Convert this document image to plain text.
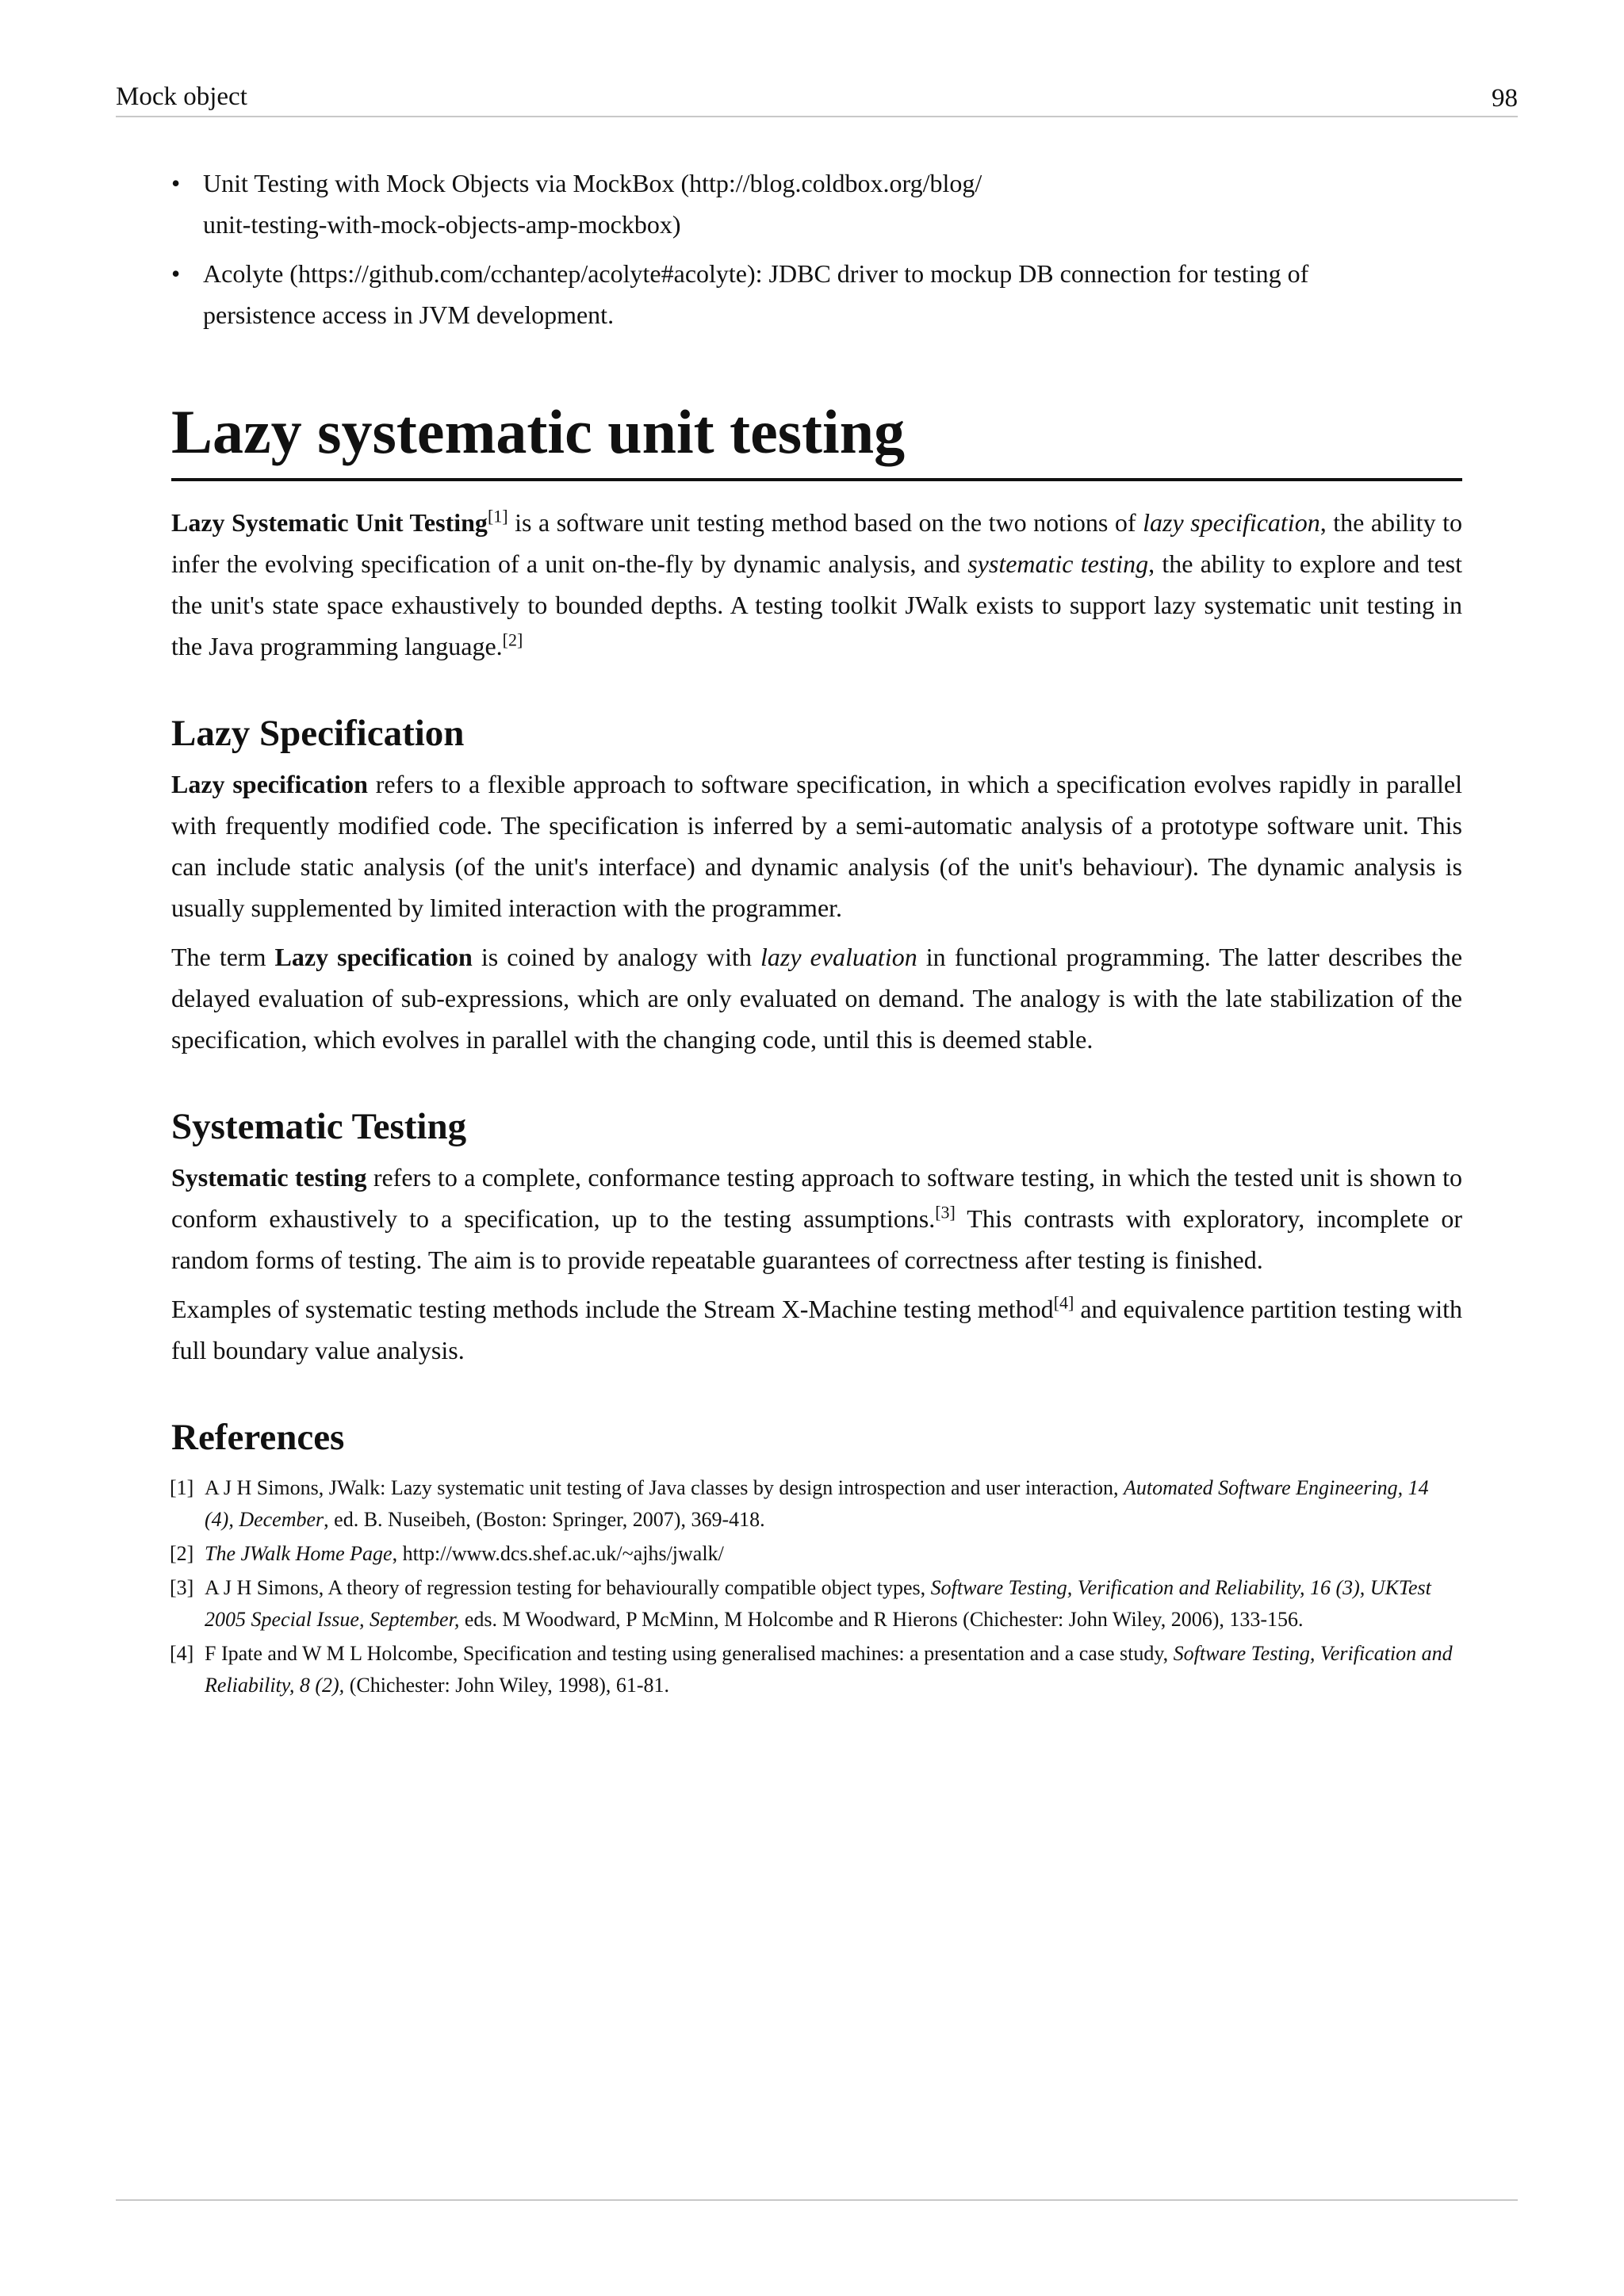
Mock object	98
• Unit Testing with Mock Objects via MockBox (http://blog.coldbox.org/blog/
unit-testing-with-mock-objects-amp-mockbox)
• Acolyte (https://github.com/cchantep/acolyte#acolyte): JDBC driver to mockup DB connection for testing of
persistence access in JVM development.
Lazy systematic unit testing

Lazy Systematic Unit Testing[1] is a software unit testing method based on the two notions of lazy specification, the ability to infer the evolving specification of a unit on-the-fly by dynamic analysis, and systematic testing, the ability to explore and test the unit's state space exhaustively to bounded depths. A testing toolkit JWalk exists to support lazy systematic unit testing in the Java programming language.[2]

Lazy Specification

Lazy specification refers to a flexible approach to software specification, in which a specification evolves rapidly in parallel with frequently modified code. The specification is inferred by a semi-automatic analysis of a prototype software unit. This can include static analysis (of the unit's interface) and dynamic analysis (of the unit's behaviour). The dynamic analysis is usually supplemented by limited interaction with the programmer.

The term Lazy specification is coined by analogy with lazy evaluation in functional programming. The latter describes the delayed evaluation of sub-expressions, which are only evaluated on demand. The analogy is with the late stabilization of the specification, which evolves in parallel with the changing code, until this is deemed stable.

Systematic Testing

Systematic testing refers to a complete, conformance testing approach to software testing, in which the tested unit is shown to conform exhaustively to a specification, up to the testing assumptions.[3] This contrasts with exploratory, incomplete or random forms of testing. The aim is to provide repeatable guarantees of correctness after testing is finished.

Examples of systematic testing methods include the Stream X-Machine testing method[4] and equivalence partition testing with full boundary value analysis.

References
[1] A J H Simons, JWalk: Lazy systematic unit testing of Java classes by design introspection and user interaction, Automated Software Engineering, 14 (4), December, ed. B. Nuseibeh, (Boston: Springer, 2007), 369-418.
[2] The JWalk Home Page, http://www.dcs.shef.ac.uk/~ajhs/jwalk/
[3] A J H Simons, A theory of regression testing for behaviourally compatible object types, Software Testing, Verification and Reliability, 16 (3), UKTest 2005 Special Issue, September, eds. M Woodward, P McMinn, M Holcombe and R Hierons (Chichester: John Wiley, 2006), 133-156.
[4] F Ipate and W M L Holcombe, Specification and testing using generalised machines: a presentation and a case study, Software Testing, Verification and Reliability, 8 (2), (Chichester: John Wiley, 1998), 61-81.
